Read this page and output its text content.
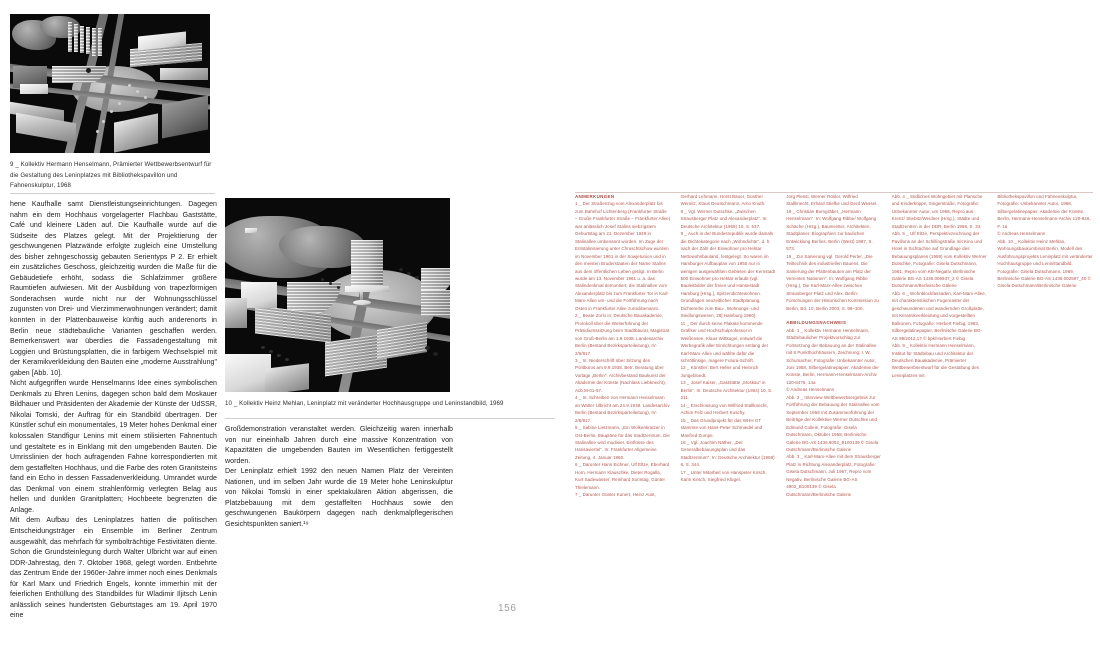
9 _ Kollektiv Hermann Henselmann, Prämierter Wettbewerbsentwurf für die Gestaltung des Leninplatzes mit Bibliothekspavillon und Fahnenskulptur, 1968
10 _ Kollektiv Heinz Mehlan, Leninplatz mit veränderter Hochhausgruppe und Leninstandbild, 1969

hene Kaufhalle samt Dienstleistungseinrichtungen. Dagegen nahm ein dem Hochhaus vorgelagerter Flachbau Gaststätte, Café und kleinere Läden auf. Die Kaufhalle wurde auf die Südseite des Platzes gelegt. Mit der Projektierung der geschwungenen Platzwände erfolgte zugleich eine Umstellung des bisher zehngeschossig gebauten Serientyps P 2. Er erhielt ein zusätzliches Geschoss, gleichzeitig wurden die Maße für die Gebäudetiefe erhöht, sodass die Schlafzimmer größere Raumtiefen aufwiesen. Mit der Ausbildung von trapezförmigen Sonderachsen wurde nicht nur der Wohnungsschlüssel zugunsten von Drei- und Vierzimmerwohnungen verändert; damit konnten in der Plattenbauweise künftig auch anderenorts in Berlin neue städtebauliche Varianten geschaffen werden. Bemerkenswert war überdies die Fassadengestaltung mit Loggien und Brüstungsplatten, die in farbigem Wechselspiel mit der Keramikverkleidung den Bauten eine „moderne Ausstrahlung" gaben [Abb. 10].

Nicht aufgegriffen wurde Henselmanns Idee eines symbolischen Denkmals zu Ehren Lenins, dagegen schon bald dem Moskauer Bildhauer und Präsidenten der Akademie der Künste der UdSSR, Nikolai Tomski, der Auftrag für ein Standbild übertragen. Der Künstler schuf ein monumentales, 19 Meter hohes Denkmal einer kolossalen Standfigur Lenins mit einem stilisierten Fahnentuch und gestaltete es in Einklang mit den umgebenden Bauten. Die Umrisslinien der hoch aufragenden Fahne korrespondierten mit dem gestaffelten Hochhaus, und die Farbe des roten Granitsteins fand ein Echo in dessen Fassadenverkleidung. Umrandet wurde das Denkmal von einem strahlenförmig verlegten Belag aus hellen und dunklen Granitplatten; Hochbeete begrenzten die Anlage.

Mit dem Aufbau des Leninplatzes hatten die politischen Entscheidungsträger ein Ensemble im Berliner Zentrum ausgewählt, das mehrfach für symbolträchtige Festivitäten diente. Schon die Grundsteinlegung durch Walter Ulbricht war auf einen DDR-Jahrestag, den 7. Oktober 1968, gelegt worden. Entbehrte das Zentrum Ende der 1960er-Jahre immer noch eines Denkmals für Karl Marx und Friedrich Engels, konnte immerhin mit der feierlichen Enthüllung des Standbildes für Wladimir Iljitsch Lenin anlässlich seines hundertsten Geburtstages am 19. April 1970 eine

Großdemonstration veranstaltet werden. Gleichzeitig waren innerhalb von nur eineinhalb Jahren durch eine massive Konzentration von Kapazitäten die umgebenden Bauten im Wesentlichen fertiggestellt worden.

Der Leninplatz erhielt 1992 den neuen Namen Platz der Vereinten Nationen, und im selben Jahr wurde die 19 Meter hohe Leninskulptur von Nikolai Tomski in einer spektakulären Aktion abgerissen, die Platzbebauung mit dem gestaffelten Hochhaus sowie den geschwungenen Baukörpern dagegen nach denkmalpflegerischen Gesichtspunkten saniert.¹⁹

ANMERKUNGEN

1 _ Der Straßenzug vom Alexanderplatz bis zum Bahnhof Lichtenberg (Frankfurter Straße – Große Frankfurter Straße – Frankfurter Allee) war anlässlich Josef Stalins siebzigstem Geburtstag am 21. Dezember 1949 in Stalinallee umbenannt worden. Im Zuge der Entstalinisierung unter Chruschtschow wurden im November 1961 in der Sowjetunion und in den meisten Bruderstaaten der Name Stalins aus dem öffentlichen Leben getilgt. In Berlin wurde am 13. November 1961 u. a. das Stalindenkmal demontiert, die Stalinallee vom Alexanderplatz bis zum Frankfurter Tor in Karl-Marx-Allee um- und die Fortführung nach Osten in Frankfurter Allee zurückbenannt.

2 _ Beate Zorlo in: Deutsche Bauakademie, Protokoll über die Weiterführung der Präsidiumssitzung beim Stadtbaurat, Magistrat von Groß-Berlin am 1.9.1938. Landesarchiv Berlin (Bestand Bezirksparteileitung), IV-2/6/817.

3 _ In: Niederschrift über Sitzung des Politbüros am 9.9.1938. Betr. Beratung über Vorlage „Berlin". Archivbestand Baukunst der Akademie der Künste (Nachlass Liebknecht), Acb.M-01-57.

4 _ In: Schreiben von Hermann Henselmann an Walter Ulbricht am 24.9.1938. Landesarchiv Berlin (Bestand Bezirksparteileitung), IV-2/6/817.

5 _ Sabine Lietzmann, „Ein Wolkenkratzer in Ost-Berlin. Baupläne für das Stadtzentrum. Die Stalinallee wird modisier. Einflüsse des Hansaviertel". In: Frankfurter Allgemeine Zeitung, 4. Januar 1960.

6 _ Darunter Hans Eichner, Ulf Eltze, Eberhard Horn, Hermann Klauschke, Dieter Rogalla, Kurt Sadewasser, Reinhard Sonntag, Günter Thielemann.

7 _ Darunter Günter Kunert, Heinz Aust,

Gerhard Lehmann, Horst Bauer, Günther Wernitz, Klaus Deutschmann, Arno Knuth.

8 _ Vgl. Werner Dutschke, „Zwischen Strausberger Platz und Alexanderplatz". In: Deutsche Architektur (1959) 10, S. 537.

9 _ Auch in der Bundesrepublik wurde damals die Dichtekategorie nach „Wohndichte", d. h. nach der Zahl der Einwohner pro Hektar Nettowohnbauland, festgelegt. So waren im Hamburger Aufbauplan von 1950 nur in wenigen ausgewählten Gebieten der Kernstadt 500 Einwohner pro Hektar erlaubt (vgl. Bauleitbilder der freien und Hansestadt Hamburg [Hrsg.], Spitzendichtewohnen. Grundlagen neuzeitlicher Stadtplanung, Dichtereihe zum Bau-, Wohnungs- und Siedlungswesen, 28] Hamburg 1960).

11 _ Der durch seine Plakate kommende Grafiker und Hochschulprofessor in Weißensee, Klaus Wittkugel, entwarf die Werbegrafik aller Einrichtungen entlang der Karl-Marx-Allee und wählte dafür die schrötlinsige, magere Futura-Schrift.

12 _ Künstler: Bert Heller und Heinrich Jungebloedt.

13 _ Josef Kaiser, „Gaststätte „Moskau" in Berlin". In: Deutsche Architektur (1964) 10, S. 211.

14 _ Erschlossung von Wilfried Stallknecht, Achim Felz und Herbert Kuschy.

15 _ Das Grundprojekt für das WHH GT stammte von Hans-Peter Schmiedel und Manfred Zumpe.

16 _ Vgl. Joachim Näther, „Der Generalbebauungsplan und das Stadtzentrum". In: Deutsche Architektur (1968) 6, S. 344.

17 _ Unter Mitarbeit von Hanspeter Kirsch, Karin Kirsch, Siegfried Klügel,

Jörg Plessl, Werner Rösler, Wilfried Stallknecht, Erhard Stiefke und Gerd Wessel.

18 _ Christian Borngräber, „Hermann Henselmann". In: Wolfgang Ribbe/ Wolfgang Schäche (Hrsg.), Baumeister, Architekten, Stadtplaner. Biographien zur baulichen Entwicklung Berlins, Berlin (West) 1987, S. 573.

19 _ Zur Sanierung vgl. Gerold Perler, „Die Teiltechnik des industriellen Bauens. Die Sanierung der Plattenbauten am Platz der Vereinten Nationen". In: Wolfgang Ribbe (Hrsg.), Die Karl-Marx-Allee zwischen Strausberger Platz und Alex. Berlin-Forschungen der Historischen Kommission zu Berlin, Bd. 10, Berlin 2003, S. 96–100.

ABBILDUNGSNACHWEIS

Abb. 1 _ Kollektiv Hermann Henselmann, Städtebaulicher Projektvorschlag zur Fortsetzung der Bebauung an der Stalinallee mit 8 Punkthochhäusern, Zeichnung: I. W. Schumacher, Fotografie: Unbekannter Autor, Juni 1958, Silbergelatinepapier, Akademie der Künste, Berlin, Hermann-Henselmann-Archiv 120-8476, 14a

© Andreas Henselmann

Abb. 2 _ Interview Wettbewerbsergebnis zur Fortführung der Bebauung der Stalinallee vom September 1958 mit Zusammenführung der Beiträge der Kollektive Werner Dutschke und Edmund Collein, Fotografie: Gisela Dutschmann, Oktober 1958, Berlinische Galerie BG-AS 1436.6002_B100139 © Gisela Dutschmann/Berlinische Galerie

Abb. 3 _ Karl-Marx-Allee mit dem Strausberger Platz in Richtung Alexanderplatz, Fotografie: Gisela Dutschmann, Juli 1967, Repro vom Negativ, Berlinische Galerie BG-AS 4902_B100139 © Gisela Dutschmann/Berlinische Galerie

Abb. 4 _ Südliches Wohngebiet mit Plansche und Kinderkrippe, Singerstraße, Fotografie: Unbekannter Autor, um 1968, Repro aus: Krenz/ Stiebitz/Weidner (Hrsg.), Städte und Stadtzentren in der DDR, Berlin 1968, S. 33.

Abb. 5 _ Ulf Eltze, Perspektivzeichnung der Pavillons an der Schillingstraße mit Kino und Hotel in Sichtachse auf Grundlage des Bebauungsplanes (1959) vom Kollektiv Werner Dutschke, Fotografie: Gisela Dutschmann, 1961, Repro vom KB-Negativ, Berlinische Galerie BG-AS 1436.006937_2 © Gisela Dutschmann/Berlinische Galerie

Abb. 6 _ Wohnblockfassaden, Karl-Marx-Allee, mit charakteristischen Fugenraster der geschwundenen und wandernden Großplatte, mit Keramikverkleidung und vorgestellten Balkonen, Fotografie: Herbert Fiebig, 1963, Silbergelatinepapier, Berlinische Galerie BG-AS 98/2012,17 © bpk/Herbert Fiebig

Abb. 9 _ Kollektiv Hermann Henselmann, Institut für Städtebau und Architektur der Deutschen Bauakademie, Prämierter Wettbewerbsentwurf für die Gestaltung des Leninplatzes mit

Bibliothekspavillon und Fahnenskulptur, Fotografie: Unbekannter Autor, 1968, Silbergelatinepapier, Akademie der Künste, Berlin, Hermann-Henselmann-Archiv 120-846, F. 1a

© Andreas Henselmann

Abb. 10 _ Kollektiv Heinz Mehlan, Wohnungsbaukombinat Berlin, Modell des Ausführungsprojekts Leninplatz mit veränderter Hochhausgruppe und Leninstandbild, Fotografie: Gisela Dutschmann, 1969, Berlinische Galerie BG-AS 1436.002597_40 © Gisela Dutschmann/Berlinische Galerie

156
